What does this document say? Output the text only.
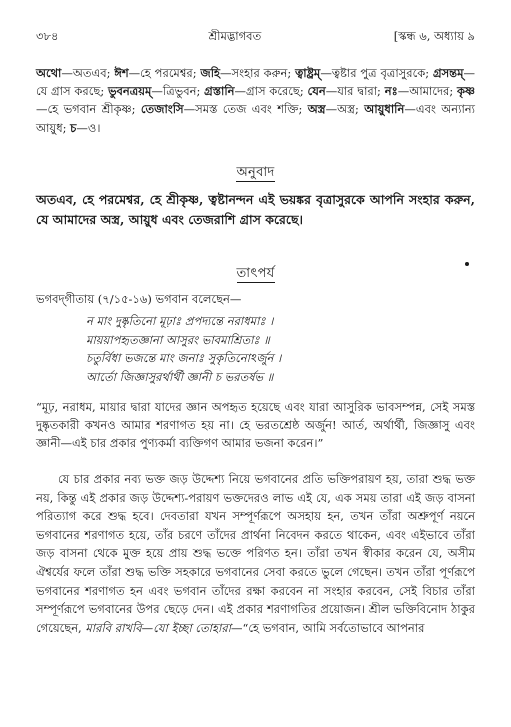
৩৮৪	শ্রীমদ্ভাগবত	[স্কন্ধ ৬, অধ্যায় ৯
অথো—অতএব; ঈশ—হে পরমেশ্বর; জহি—সংহার করুন; ত্বাষ্ট্রম্—ত্বষ্টার পুত্র বৃত্রাসুরকে; গ্রসন্তম্—যে গ্রাস করছে; ভুবনত্রয়ম্—ত্রিভুবন; গ্রস্তানি—গ্রাস করেছে; যেন—যার দ্বারা; নঃ—আমাদের; কৃষ্ণ—হে ভগবান শ্রীকৃষ্ণ; তেজাংসি—সমস্ত তেজ এবং শক্তি; অস্ত্র—অস্ত্র; আয়ুধানি—এবং অন্যান্য আয়ুধ; চ—ও।
অনুবাদ
অতএব, হে পরমেশ্বর, হে শ্রীকৃষ্ণ, ত্বষ্টানন্দন এই ভয়ঙ্কর বৃত্রাসুরকে আপনি সংহার করুন, যে আমাদের অস্ত্র, আয়ুধ এবং তেজরাশি গ্রাস করেছে।
তাৎপর্য
ভগবদ্‌গীতায় (৭/১৫-১৬) ভগবান বলেছেন—
ন মাং দুষ্কৃতিনো মূঢ়াঃ প্রপদ্যন্তে নরাধমাঃ ।
মায়য়াপহৃতজ্ঞানা আসুরং ভাবমাশ্রিতাঃ ॥
চতুর্বিধা ভজন্তে মাং জনাঃ সুকৃতিনোঽর্জুন ।
আর্তো জিজ্ঞাসুরর্থার্থী জ্ঞানী চ ভরতর্ষভ ॥
“মূঢ়, নরাধম, মায়ার দ্বারা যাদের জ্ঞান অপহৃত হয়েছে এবং যারা আসুরিক ভাবসম্পন্ন, সেই সমস্ত দুষ্কৃতকারী কখনও আমার শরণাগত হয় না। হে ভরতশ্রেষ্ঠ অর্জুন! আর্ত, অর্থার্থী, জিজ্ঞাসু এবং জ্ঞানী—এই চার প্রকার পুণ্যকর্মা ব্যক্তিগণ আমার ভজনা করেন।”
যে চার প্রকার নব্য ভক্ত জড় উদ্দেশ্য নিয়ে ভগবানের প্রতি ভক্তিপরায়ণ হয়, তারা শুদ্ধ ভক্ত নয়, কিন্তু এই প্রকার জড় উদ্দেশ্য-পরায়ণ ভক্তদেরও লাভ এই যে, এক সময় তারা এই জড় বাসনা পরিত্যাগ করে শুদ্ধ হবে। দেবতারা যখন সম্পূর্ণরূপে অসহায় হন, তখন তাঁরা অশ্রুপূর্ণ নয়নে ভগবানের শরণাগত হয়ে, তাঁর চরণে তাঁদের প্রার্থনা নিবেদন করতে থাকেন, এবং এইভাবে তাঁরা জড় বাসনা থেকে মুক্ত হয়ে প্রায় শুদ্ধ ভক্তে পরিণত হন। তাঁরা তখন স্বীকার করেন যে, অসীম ঐশ্বর্যের ফলে তাঁরা শুদ্ধ ভক্তি সহকারে ভগবানের সেবা করতে ভুলে গেছেন। তখন তাঁরা পূর্ণরূপে ভগবানের শরণাগত হন এবং ভগবান তাঁদের রক্ষা করবেন না সংহার করবেন, সেই বিচার তাঁরা সম্পূর্ণরূপে ভগবানের উপর ছেড়ে দেন। এই প্রকার শরণাগতির প্রয়োজন। শ্রীল ভক্তিবিনোদ ঠাকুর গেয়েছেন, মারবি রাখবি—যো ইচ্ছা তোহারা—“হে ভগবান, আমি সর্বতোভাবে আপনার
